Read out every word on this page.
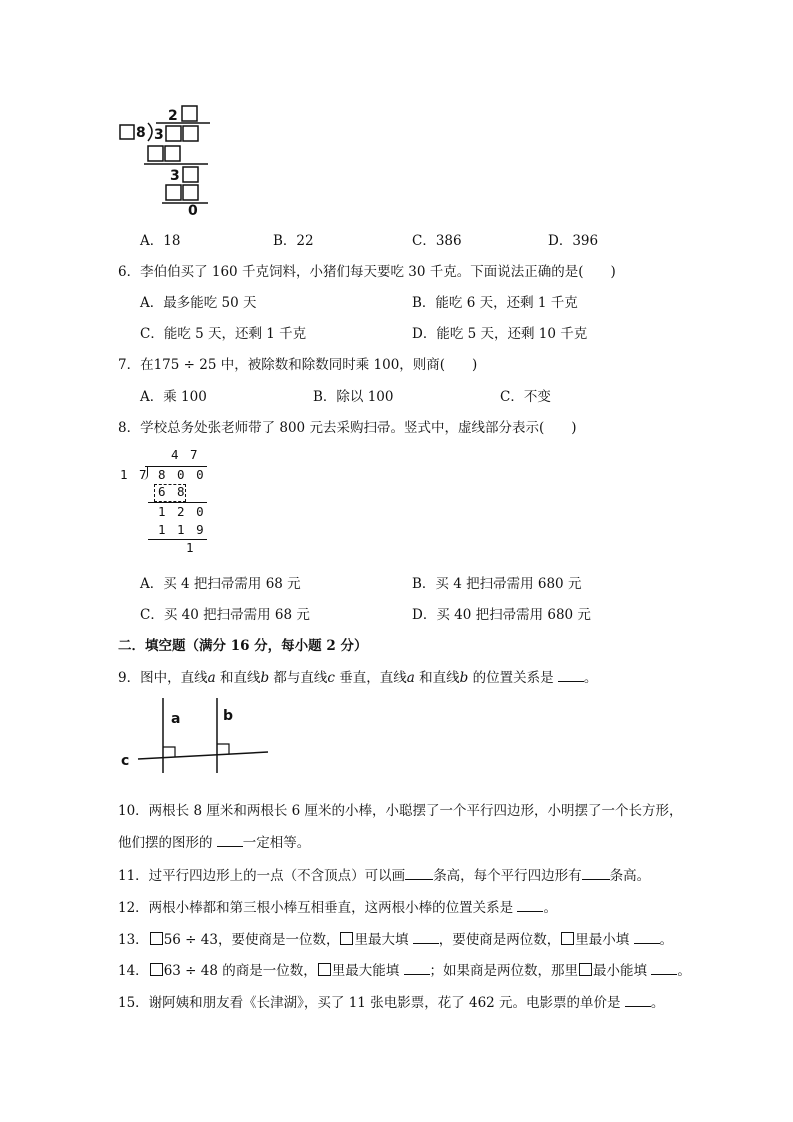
2
8 3
3
0
A．18	B．22	C．386	D．396
6．李伯伯买了 160 千克饲料，小猪们每天要吃 30 千克。下面说法正确的是(　　)
A．最多能吃 50 天	B．能吃 6 天，还剩 1 千克
C．能吃 5 天，还剩 1 千克	D．能吃 5 天，还剩 10 千克
7．在175 ÷ 25 中，被除数和除数同时乘 100，则商(　　)
A．乘 100	B．除以 100	C．不变
8．学校总务处张老师带了 800 元去采购扫帚。竖式中，虚线部分表示(　　)
4 7
1 7 8 0 0
6 8
1 2 0
1 1 9
1
A．买 4 把扫帚需用 68 元	B．买 4 把扫帚需用 680 元
C．买 40 把扫帚需用 68 元	D．买 40 把扫帚需用 680 元
二．填空题（满分 16 分，每小题 2 分）
9．图中，直线a 和直线b 都与直线c 垂直，直线a 和直线b 的位置关系是 。
a	b
c
10．两根长 8 厘米和两根长 6 厘米的小棒，小聪摆了一个平行四边形，小明摆了一个长方形，
他们摆的图形的 一定相等。
11．过平行四边形上的一点（不含顶点）可以画 条高，每个平行四边形有 条高。
12．两根小棒都和第三根小棒互相垂直，这两根小棒的位置关系是 。
13． 56 ÷ 43，要使商是一位数， 里最大填 ，要使商是两位数， 里最小填 。
14． 63 ÷ 48 的商是一位数， 里最大能填 ；如果商是两位数，那里 最小能填 。
15．谢阿姨和朋友看《长津湖》，买了 11 张电影票，花了 462 元。电影票的单价是 。
